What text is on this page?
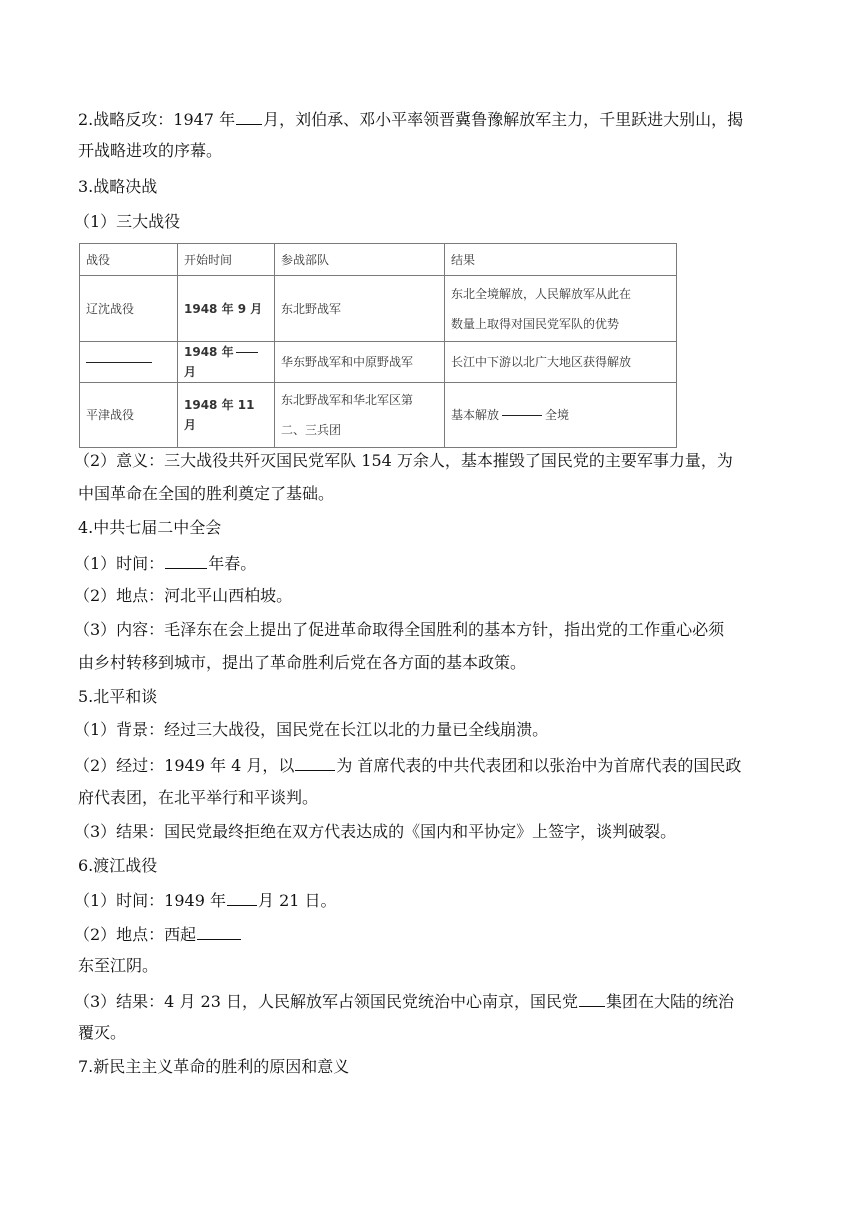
2.战略反攻：1947 年 月，刘伯承、邓小平率领晋冀鲁豫解放军主力，千里跃进大别山，揭
开战略进攻的序幕。
3.战略决战
（1）三大战役
战役	开始时间	参战部队	结果
辽沈战役	1948 年 9 月	东北野战军	东北全境解放，人民解放军从此在
数量上取得对国民党军队的优势

	1948 年月	华东野战军和中原野战军	长江中下游以北广大地区获得解放
平津战役	1948 年 11 月	东北野战军和华北军区第
二、三兵团	基本解放 全境
（2）意义：三大战役共歼灭国民党军队 154 万余人，基本摧毁了国民党的主要军事力量，为
中国革命在全国的胜利奠定了基础。
4.中共七届二中全会
（1）时间：	年春。
（2）地点：河北平山西柏坡。
（3）内容：毛泽东在会上提出了促进革命取得全国胜利的基本方针，指出党的工作重心必须
由乡村转移到城市，提出了革命胜利后党在各方面的基本政策。
5.北平和谈
（1）背景：经过三大战役，国民党在长江以北的力量已全线崩溃。
（2）经过：1949 年 4 月，以	为 首席代表的中共代表团和以张治中为首席代表的国民政
府代表团，在北平举行和平谈判。
（3）结果：国民党最终拒绝在双方代表达成的《国内和平协定》上签字，谈判破裂。
6.渡江战役
（1）时间：1949 年 月 21 日。
（2）地点：西起
东至江阴。
（3）结果：4 月 23 日，人民解放军占领国民党统治中心南京，国民党 集团在大陆的统治
覆灭。
7.新民主主义革命的胜利的原因和意义
